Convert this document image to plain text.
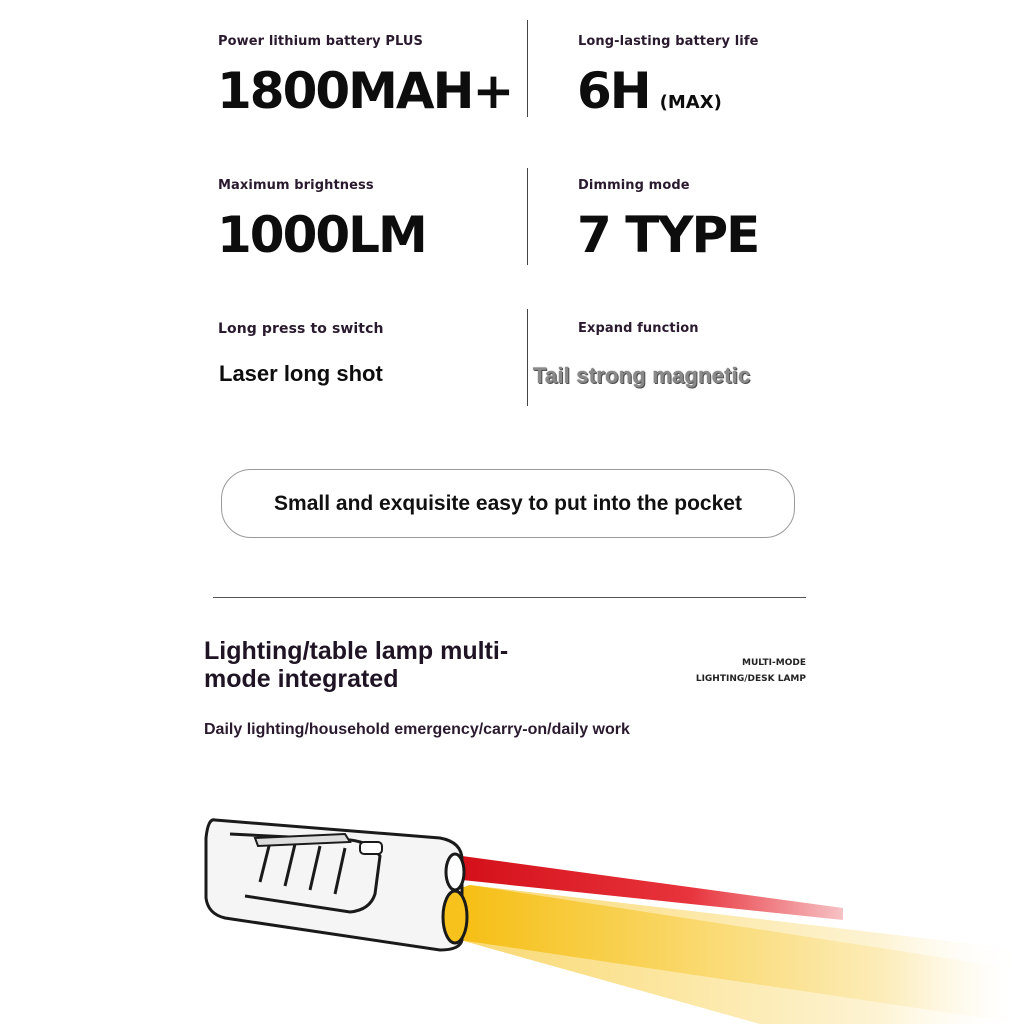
Power lithium battery PLUS
1800MAH+
Long-lasting battery life
6H (MAX)
Maximum brightness
1000LM
Dimming mode
7 TYPE
Long press to switch
Laser long shot
Expand function
Tail strong magnetic
Small and exquisite easy to put into the pocket
Lighting/table lamp multi-
mode integrated
MULTI-MODE
LIGHTING/DESK LAMP
Daily lighting/household emergency/carry-on/daily work
